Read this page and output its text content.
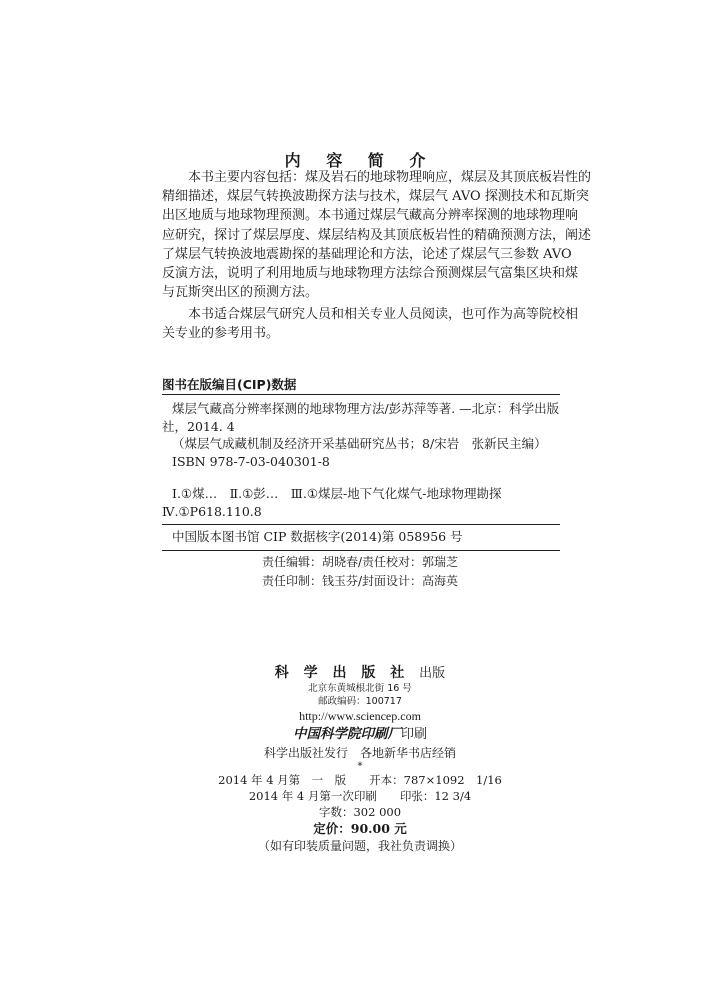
内 容 简 介

本书主要内容包括：煤及岩石的地球物理响应，煤层及其顶底板岩性的
精细描述，煤层气转换波勘探方法与技术，煤层气 AVO 探测技术和瓦斯突
出区地质与地球物理预测。本书通过煤层气藏高分辨率探测的地球物理响
应研究，探讨了煤层厚度、煤层结构及其顶底板岩性的精确预测方法，阐述
了煤层气转换波地震勘探的基础理论和方法，论述了煤层气三参数 AVO
反演方法，说明了利用地质与地球物理方法综合预测煤层气富集区块和煤
与瓦斯突出区的预测方法。

本书适合煤层气研究人员和相关专业人员阅读，也可作为高等院校相
关专业的参考用书。

图书在版编目(CIP)数据

煤层气藏高分辨率探测的地球物理方法/彭苏萍等著. —北京：科学出版
社，2014. 4
（煤层气成藏机制及经济开采基础研究丛书；8/宋岩　张新民主编）
ISBN 978-7-03-040301-8

Ⅰ.①煤…　Ⅱ.①彭…　Ⅲ.①煤层-地下气化煤气-地球物理勘探
Ⅳ.①P618.110.8

中国版本图书馆 CIP 数据核字(2014)第 058956 号

责任编辑：胡晓春/责任校对：郭瑞芝
责任印制：钱玉芬/封面设计：高海英
科 学 出 版 社 出版
北京东黄城根北街 16 号
邮政编码：100717
http://www.sciencep.com
中国科学院印刷厂印刷
科学出版社发行　各地新华书店经销
*
2014 年 4 月第　一　版　　开本：787×1092　1/16
2014 年 4 月第一次印刷　　印张：12 3/4
字数：302 000
定价：90.00 元
（如有印装质量问题，我社负责调换）
